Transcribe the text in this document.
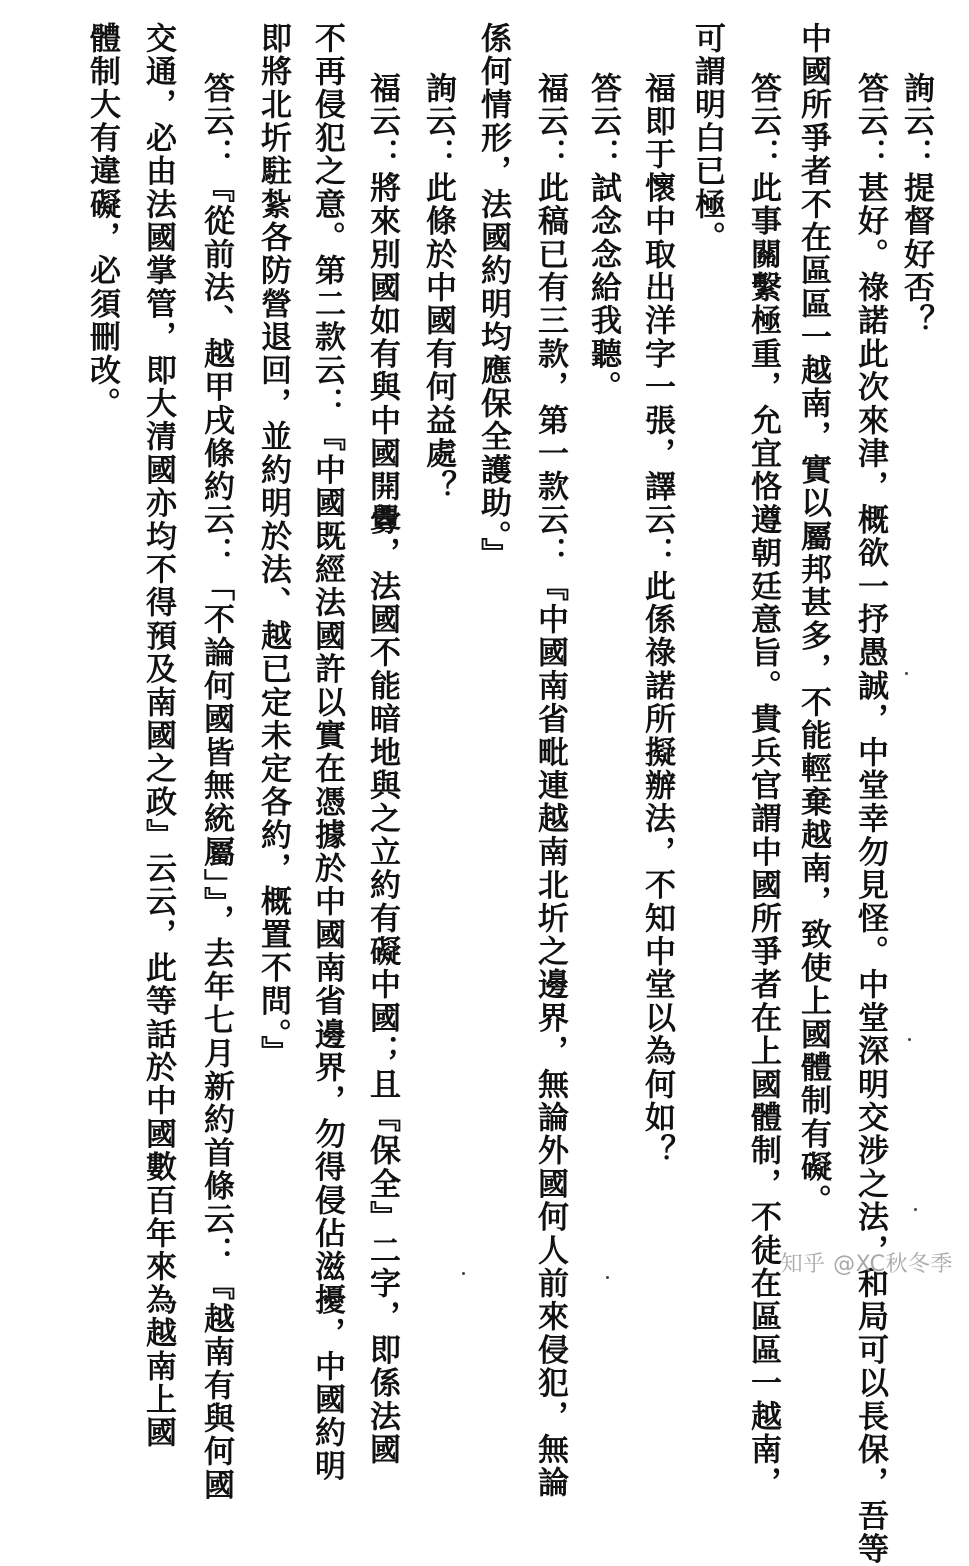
詢云：提督好否？
答云：甚好。祿諾此次來津，概欲一抒愚誠，中堂幸勿見怪。中堂深明交涉之法，和局可以長保，吾等
中國所爭者不在區區一越南，實以屬邦甚多，不能輕棄越南，致使上國體制有礙。
答云：此事關繫極重，允宜恪遵朝廷意旨。貴兵官謂中國所爭者在上國體制，不徒在區區一越南，
可謂明白已極。
福即于懷中取出洋字一張，譯云：此係祿諾所擬辦法，不知中堂以為何如？
答云：試念念給我聽。
福云：此稿已有三款，第一款云：『中國南省毗連越南北圻之邊界，無論外國何人前來侵犯，無論
係何情形，法國約明均應保全護助。』
詢云：此條於中國有何益處？
福云：將來別國如有與中國開釁，法國不能暗地與之立約有礙中國；且『保全』二字，即係法國
不再侵犯之意。第二款云：『中國既經法國許以實在憑據於中國南省邊界，勿得侵佔滋擾，中國約明
即將北圻駐紮各防營退回，並約明於法、越已定未定各約，概置不問。』
答云：『從前法、越甲戌條約云：「不論何國皆無統屬」』，去年七月新約首條云：『越南有與何國
交通，必由法國掌管，即大清國亦均不得預及南國之政』云云，此等話於中國數百年來為越南上國
體制大有違礙，必須刪改。
知乎 @XC秋冬季
